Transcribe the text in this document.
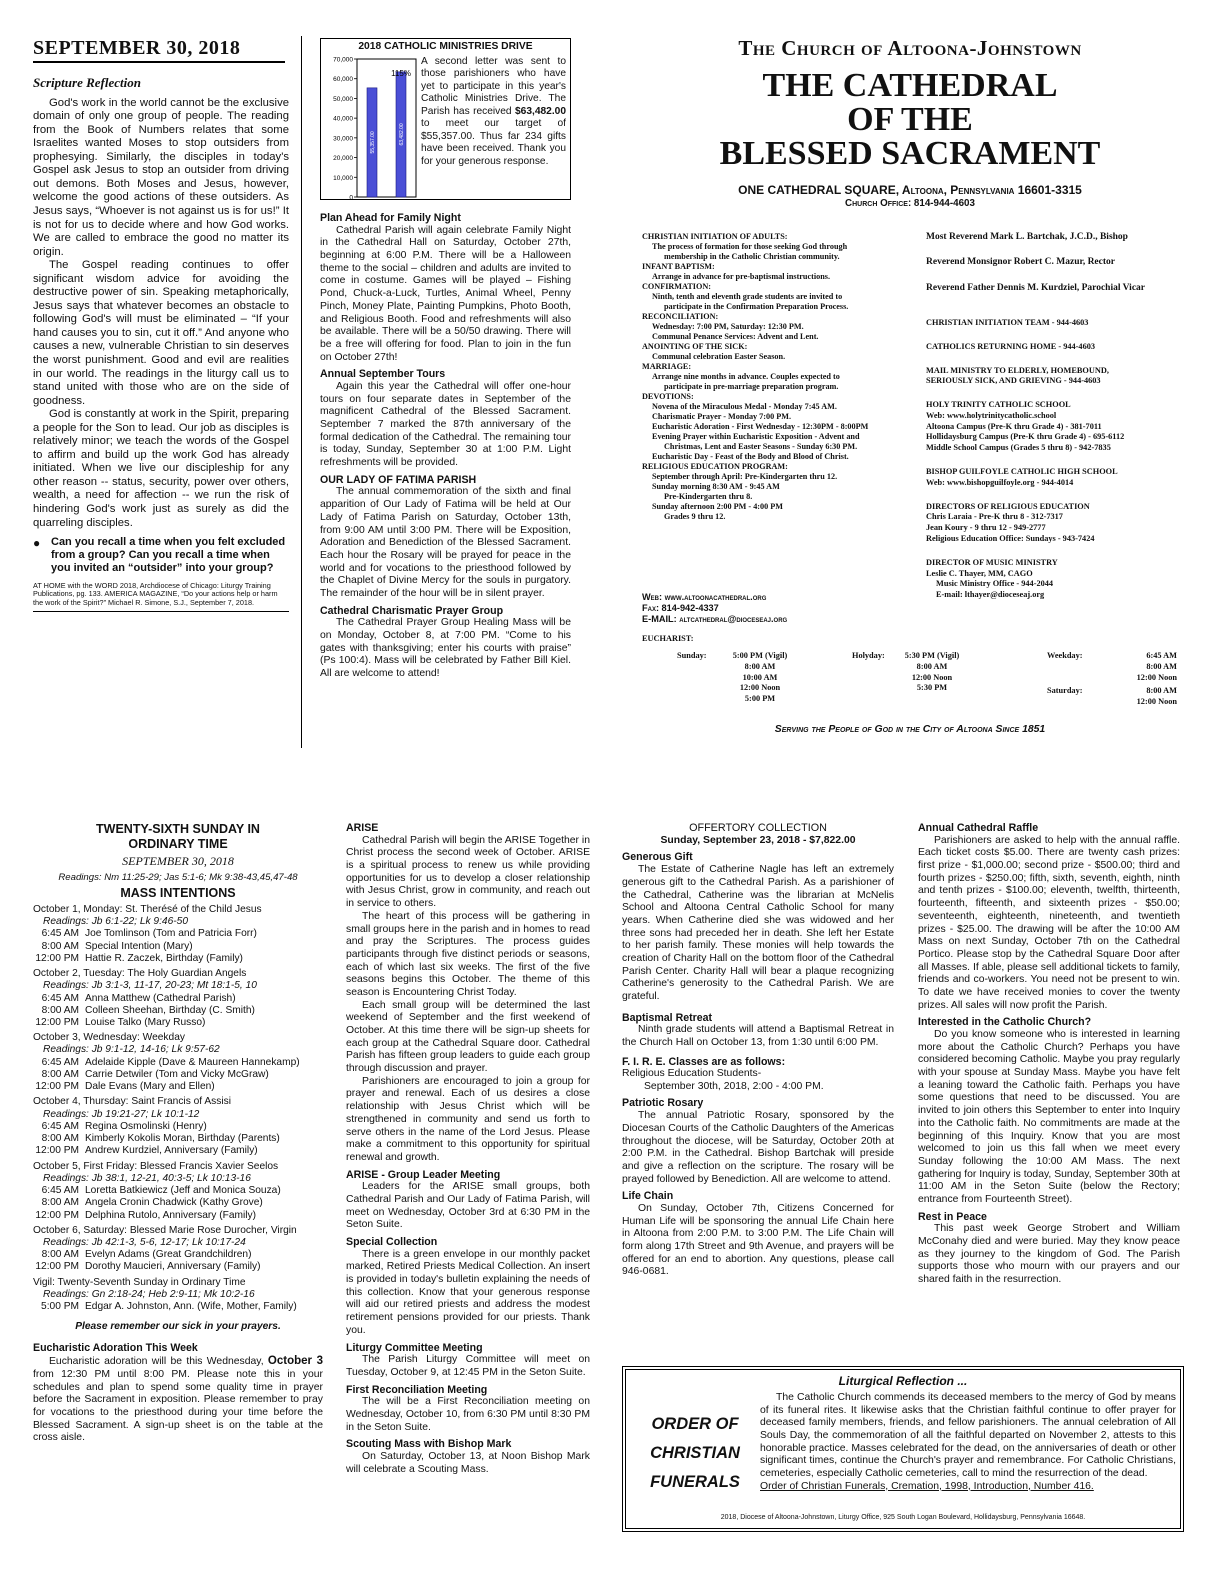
SEPTEMBER 30, 2018
Scripture Reflection

God's work in the world cannot be the exclusive domain of only one group of people. The reading from the Book of Numbers relates that some Israelites wanted Moses to stop outsiders from prophesying. Similarly, the disciples in today's Gospel ask Jesus to stop an outsider from driving out demons. Both Moses and Jesus, however, welcome the good actions of these outsiders. As Jesus says, “Whoever is not against us is for us!” It is not for us to decide where and how God works. We are called to embrace the good no matter its origin.

The Gospel reading continues to offer significant wisdom advice for avoiding the destructive power of sin. Speaking metaphorically, Jesus says that whatever becomes an obstacle to following God's will must be eliminated – “If your hand causes you to sin, cut it off.” And anyone who causes a new, vulnerable Christian to sin deserves the worst punishment. Good and evil are realities in our world. The readings in the liturgy call us to stand united with those who are on the side of goodness.

God is constantly at work in the Spirit, preparing a people for the Son to lead. Our job as disciples is relatively minor; we teach the words of the Gospel to affirm and build up the work God has already initiated. When we live our discipleship for any other reason -- status, security, power over others, wealth, a need for affection -- we run the risk of hindering God's work just as surely as did the quarreling disciples.

● Can you recall a time when you felt excluded from a group? Can you recall a time when you invited an “outsider” into your group?
AT HOME with the WORD 2018, Archdiocese of Chicago: Liturgy Training Publications, pg. 133. AMERICA MAGAZINE, “Do your actions help or harm the work of the Spirit?” Michael R. Simone, S.J., September 7, 2018.
2018 CATHOLIC MINISTRIES DRIVE
70,000
60,000
50,000
40,000
30,000
20,000
10,000
0
55,357.00	63,482.00
115%
A second letter was sent to those parishioners who have yet to participate in this year's Catholic Ministries Drive. The Parish has received $63,482.00 to meet our target of $55,357.00. Thus far 234 gifts have been received. Thank you for your generous response.
Plan Ahead for Family Night

Cathedral Parish will again celebrate Family Night in the Cathedral Hall on Saturday, October 27th, beginning at 6:00 P.M. There will be a Halloween theme to the social – children and adults are invited to come in costume. Games will be played – Fishing Pond, Chuck-a-Luck, Turtles, Animal Wheel, Penny Pinch, Money Plate, Painting Pumpkins, Photo Booth, and Religious Booth. Food and refreshments will also be available. There will be a 50/50 drawing. There will be a free will offering for food. Plan to join in the fun on October 27th!

Annual September Tours

Again this year the Cathedral will offer one-hour tours on four separate dates in September of the magnificent Cathedral of the Blessed Sacrament. September 7 marked the 87th anniversary of the formal dedication of the Cathedral. The remaining tour is today, Sunday, September 30 at 1:00 P.M. Light refreshments will be provided.

OUR LADY OF FATIMA PARISH

The annual commemoration of the sixth and final apparition of Our Lady of Fatima will be held at Our Lady of Fatima Parish on Saturday, October 13th, from 9:00 AM until 3:00 PM. There will be Exposition, Adoration and Benediction of the Blessed Sacrament. Each hour the Rosary will be prayed for peace in the world and for vocations to the priesthood followed by the Chaplet of Divine Mercy for the souls in purgatory. The remainder of the hour will be in silent prayer.

Cathedral Charismatic Prayer Group

The Cathedral Prayer Group Healing Mass will be on Monday, October 8, at 7:00 PM. “Come to his gates with thanksgiving; enter his courts with praise” (Ps 100:4). Mass will be celebrated by Father Bill Kiel. All are welcome to attend!

The Church of Altoona-Johnstown
THE CATHEDRAL
OF THE
BLESSED SACRAMENT
ONE CATHEDRAL SQUARE, Altoona, Pennsylvania 16601-3315
Church Office: 814-944-4603
CHRISTIAN INITIATION OF ADULTS:
The process of formation for those seeking God through
membership in the Catholic Christian community.
INFANT BAPTISM:
Arrange in advance for pre-baptismal instructions.
CONFIRMATION:
Ninth, tenth and eleventh grade students are invited to
participate in the Confirmation Preparation Process.
RECONCILIATION:
Wednesday: 7:00 PM, Saturday: 12:30 PM.
Communal Penance Services: Advent and Lent.
ANOINTING OF THE SICK:
Communal celebration Easter Season.
MARRIAGE:
Arrange nine months in advance. Couples expected to
participate in pre-marriage preparation program.
DEVOTIONS:
Novena of the Miraculous Medal - Monday 7:45 AM.
Charismatic Prayer - Monday 7:00 PM.
Eucharistic Adoration - First Wednesday - 12:30PM - 8:00PM
Evening Prayer within Eucharistic Exposition - Advent and
Christmas, Lent and Easter Seasons - Sunday 6:30 PM.
Eucharistic Day - Feast of the Body and Blood of Christ.
RELIGIOUS EDUCATION PROGRAM:
September through April: Pre-Kindergarten thru 12.
Sunday morning 8:30 AM - 9:45 AM
Pre-Kindergarten thru 8.
Sunday afternoon 2:00 PM - 4:00 PM
Grades 9 thru 12.
Web: www.altoonacathedral.org
Fax: 814-942-4337
E-MAIL: altcathedral@dioceseaj.org
Most Reverend Mark L. Bartchak, J.C.D., Bishop
Reverend Monsignor Robert C. Mazur, Rector
Reverend Father Dennis M. Kurdziel, Parochial Vicar
CHRISTIAN INITIATION TEAM - 944-4603
CATHOLICS RETURNING HOME - 944-4603
MAIL MINISTRY TO ELDERLY, HOMEBOUND,
SERIOUSLY SICK, AND GRIEVING - 944-4603
HOLY TRINITY CATHOLIC SCHOOL
Web: www.holytrinitycatholic.school
Altoona Campus (Pre-K thru Grade 4) - 381-7011
Hollidaysburg Campus (Pre-K thru Grade 4) - 695-6112
Middle School Campus (Grades 5 thru 8) - 942-7835
BISHOP GUILFOYLE CATHOLIC HIGH SCHOOL
Web: www.bishopguilfoyle.org - 944-4014
DIRECTORS OF RELIGIOUS EDUCATION
Chris Laraia - Pre-K thru 8 - 312-7317
Jean Koury - 9 thru 12 - 949-2777
Religious Education Office: Sundays - 943-7424
DIRECTOR OF MUSIC MINISTRY
Leslie C. Thayer, MM, CAGO
Music Ministry Office - 944-2044
E-mail: lthayer@dioceseaj.org
EUCHARIST:
Sunday:	5:00 PM (Vigil)
8:00 AM
10:00 AM
12:00 Noon
5:00 PM
Holyday:	5:30 PM (Vigil)
8:00 AM
12:00 Noon
5:30 PM
Weekday:	6:45 AM
8:00 AM
12:00 Noon
Saturday:	8:00 AM
12:00 Noon
Serving the People of God in the City of Altoona Since 1851
TWENTY-SIXTH SUNDAY IN
ORDINARY TIME
SEPTEMBER 30, 2018
Readings: Nm 11:25-29; Jas 5:1-6; Mk 9:38-43,45,47-48
MASS INTENTIONS
October 1, Monday: St. Therésé of the Child Jesus
Readings: Jb 6:1-22; Lk 9:46-50
6:45 AM Joe Tomlinson (Tom and Patricia Forr)
8:00 AM Special Intention (Mary)
12:00 PM Hattie R. Zaczek, Birthday (Family)
October 2, Tuesday: The Holy Guardian Angels
Readings: Jb 3:1-3, 11-17, 20-23; Mt 18:1-5, 10
6:45 AM Anna Matthew (Cathedral Parish)
8:00 AM Colleen Sheehan, Birthday (C. Smith)
12:00 PM Louise Talko (Mary Russo)
October 3, Wednesday: Weekday
Readings: Jb 9:1-12, 14-16; Lk 9:57-62
6:45 AM Adelaide Kipple (Dave & Maureen Hannekamp)
8:00 AM Carrie Detwiler (Tom and Vicky McGraw)
12:00 PM Dale Evans (Mary and Ellen)
October 4, Thursday: Saint Francis of Assisi
Readings: Jb 19:21-27; Lk 10:1-12
6:45 AM Regina Osmolinski (Henry)
8:00 AM Kimberly Kokolis Moran, Birthday (Parents)
12:00 PM Andrew Kurdziel, Anniversary (Family)
October 5, First Friday: Blessed Francis Xavier Seelos
Readings: Jb 38:1, 12-21, 40:3-5; Lk 10:13-16
6:45 AM Loretta Batkiewicz (Jeff and Monica Souza)
8:00 AM Angela Cronin Chadwick (Kathy Grove)
12:00 PM Delphina Rutolo, Anniversary (Family)
October 6, Saturday: Blessed Marie Rose Durocher, Virgin
Readings: Jb 42:1-3, 5-6, 12-17; Lk 10:17-24
8:00 AM Evelyn Adams (Great Grandchildren)
12:00 PM Dorothy Maucieri, Anniversary (Family)
Vigil: Twenty-Seventh Sunday in Ordinary Time
Readings: Gn 2:18-24; Heb 2:9-11; Mk 10:2-16
5:00 PM Edgar A. Johnston, Ann. (Wife, Mother, Family)
Please remember our sick in your prayers.
Eucharistic Adoration This Week

Eucharistic adoration will be this Wednesday, October 3 from 12:30 PM until 8:00 PM. Please note this in your schedules and plan to spend some quality time in prayer before the Sacrament in exposition. Please remember to pray for vocations to the priesthood during your time before the Blessed Sacrament. A sign-up sheet is on the table at the cross aisle.

ARISE

Cathedral Parish will begin the ARISE Together in Christ process the second week of October. ARISE is a spiritual process to renew us while providing opportunities for us to develop a closer relationship with Jesus Christ, grow in community, and reach out in service to others.

The heart of this process will be gathering in small groups here in the parish and in homes to read and pray the Scriptures. The process guides participants through five distinct periods or seasons, each of which last six weeks. The first of the five seasons begins this October. The theme of this season is Encountering Christ Today.

Each small group will be determined the last weekend of September and the first weekend of October. At this time there will be sign-up sheets for each group at the Cathedral Square door. Cathedral Parish has fifteen group leaders to guide each group through discussion and prayer.

Parishioners are encouraged to join a group for prayer and renewal. Each of us desires a close relationship with Jesus Christ which will be strengthened in community and send us forth to serve others in the name of the Lord Jesus. Please make a commitment to this opportunity for spiritual renewal and growth.

ARISE - Group Leader Meeting

Leaders for the ARISE small groups, both Cathedral Parish and Our Lady of Fatima Parish, will meet on Wednesday, October 3rd at 6:30 PM in the Seton Suite.

Special Collection

There is a green envelope in our monthly packet marked, Retired Priests Medical Collection. An insert is provided in today's bulletin explaining the needs of this collection. Know that your generous response will aid our retired priests and address the modest retirement pensions provided for our priests. Thank you.

Liturgy Committee Meeting

The Parish Liturgy Committee will meet on Tuesday, October 9, at 12:45 PM in the Seton Suite.

First Reconciliation Meeting

The will be a First Reconciliation meeting on Wednesday, October 10, from 6:30 PM until 8:30 PM in the Seton Suite.

Scouting Mass with Bishop Mark

On Saturday, October 13, at Noon Bishop Mark will celebrate a Scouting Mass.

OFFERTORY COLLECTION
Sunday, September 23, 2018 - $7,822.00
Generous Gift

The Estate of Catherine Nagle has left an extremely generous gift to the Cathedral Parish. As a parishioner of the Cathedral, Catherine was the librarian at McNelis School and Altoona Central Catholic School for many years. When Catherine died she was widowed and her three sons had preceded her in death. She left her Estate to her parish family. These monies will help towards the creation of Charity Hall on the bottom floor of the Cathedral Parish Center. Charity Hall will bear a plaque recognizing Catherine's generosity to the Cathedral Parish. We are grateful.

Baptismal Retreat

Ninth grade students will attend a Baptismal Retreat in the Church Hall on October 13, from 1:30 until 6:00 PM.

F. I. R. E. Classes are as follows:
Religious Education Students-
September 30th, 2018, 2:00 - 4:00 PM.
Patriotic Rosary

The annual Patriotic Rosary, sponsored by the Diocesan Courts of the Catholic Daughters of the Americas throughout the diocese, will be Saturday, October 20th at 2:00 P.M. in the Cathedral. Bishop Bartchak will preside and give a reflection on the scripture. The rosary will be prayed followed by Benediction. All are welcome to attend.

Life Chain

On Sunday, October 7th, Citizens Concerned for Human Life will be sponsoring the annual Life Chain here in Altoona from 2:00 P.M. to 3:00 P.M. The Life Chain will form along 17th Street and 9th Avenue, and prayers will be offered for an end to abortion. Any questions, please call 946-0681.

Annual Cathedral Raffle

Parishioners are asked to help with the annual raffle. Each ticket costs $5.00. There are twenty cash prizes: first prize - $1,000.00; second prize - $500.00; third and fourth prizes - $250.00; fifth, sixth, seventh, eighth, ninth and tenth prizes - $100.00; eleventh, twelfth, thirteenth, fourteenth, fifteenth, and sixteenth prizes - $50.00; seventeenth, eighteenth, nineteenth, and twentieth prizes - $25.00. The drawing will be after the 10:00 AM Mass on next Sunday, October 7th on the Cathedral Portico. Please stop by the Cathedral Square Door after all Masses. If able, please sell additional tickets to family, friends and co-workers. You need not be present to win. To date we have received monies to cover the twenty prizes. All sales will now profit the Parish.

Interested in the Catholic Church?

Do you know someone who is interested in learning more about the Catholic Church? Perhaps you have considered becoming Catholic. Maybe you pray regularly with your spouse at Sunday Mass. Maybe you have felt a leaning toward the Catholic faith. Perhaps you have some questions that need to be discussed. You are invited to join others this September to enter into Inquiry into the Catholic faith. No commitments are made at the beginning of this Inquiry. Know that you are most welcomed to join us this fall when we meet every Sunday following the 10:00 AM Mass. The next gathering for Inquiry is today, Sunday, September 30th at 11:00 AM in the Seton Suite (below the Rectory; entrance from Fourteenth Street).

Rest in Peace

This past week George Strobert and William McConahy died and were buried. May they know peace as they journey to the kingdom of God. The Parish supports those who mourn with our prayers and our shared faith in the resurrection.

Liturgical Reflection ...
ORDER OF
CHRISTIAN
FUNERALS

The Catholic Church commends its deceased members to the mercy of God by means of its funeral rites. It likewise asks that the Christian faithful continue to offer prayer for deceased family members, friends, and fellow parishioners. The annual celebration of All Souls Day, the commemoration of all the faithful departed on November 2, attests to this honorable practice. Masses celebrated for the dead, on the anniversaries of death or other significant times, continue the Church's prayer and remembrance. For Catholic Christians, cemeteries, especially Catholic cemeteries, call to mind the resurrection of the dead.

Order of Christian Funerals, Cremation, 1998, Introduction, Number 416.
2018, Diocese of Altoona-Johnstown, Liturgy Office, 925 South Logan Boulevard, Hollidaysburg, Pennsylvania 16648.
